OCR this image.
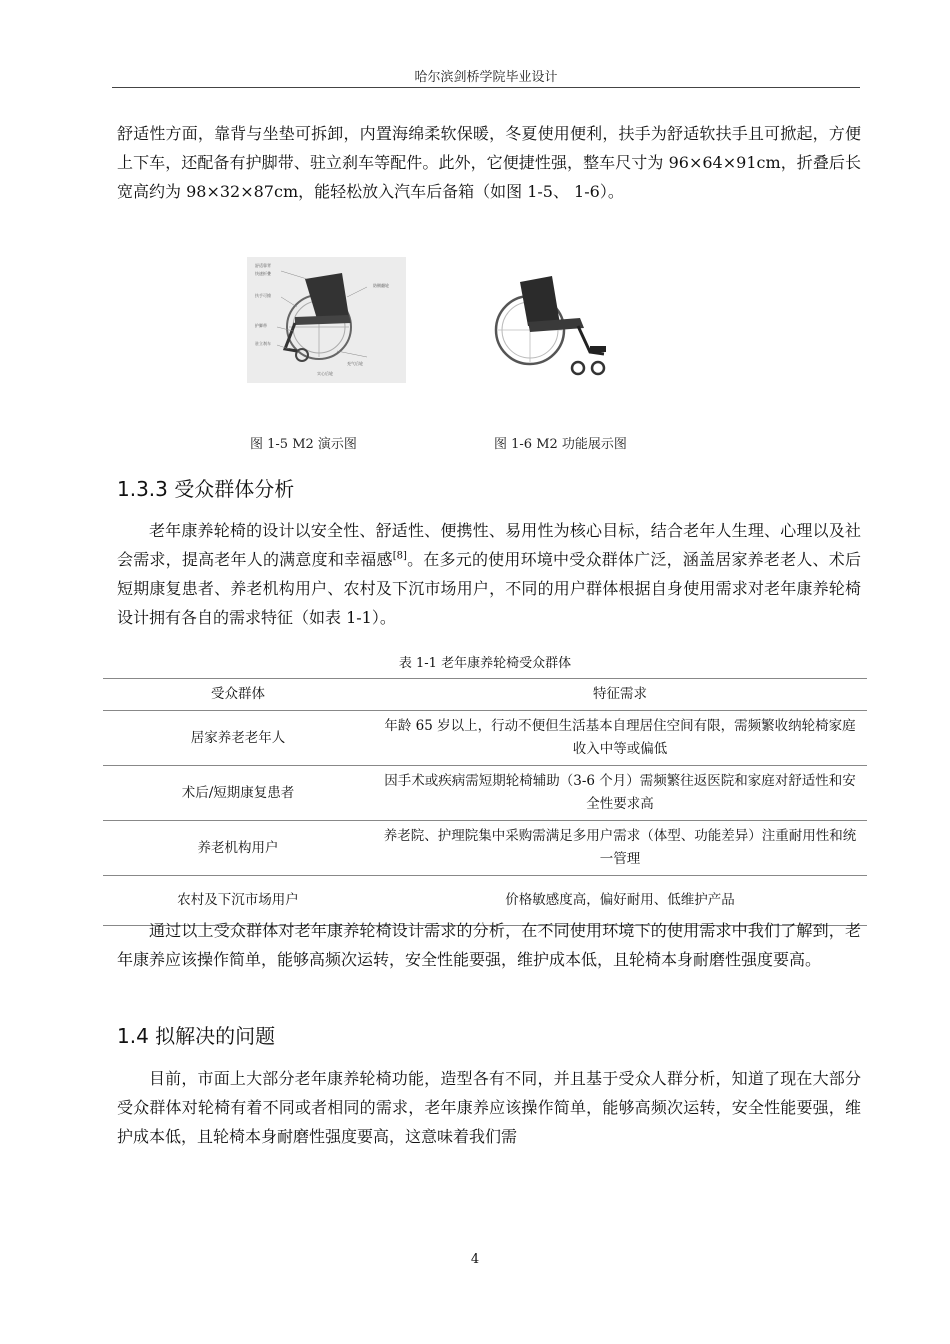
哈尔滨剑桥学院毕业设计

舒适性方面，靠背与坐垫可拆卸，内置海绵柔软保暖，冬夏使用便利，扶手为舒适软扶手且可掀起，方便上下车，还配备有护脚带、驻立刹车等配件。此外，它便捷性强，整车尺寸为 96×64×91cm，折叠后长宽高约为 98×32×87cm，能轻松放入汽车后备箱（如图 1-5、 1-6）。

舒适靠背
快速折叠
扶手可掀
防侧翻轮
护脚带
驻立刹车
充气后轮
实心后轮
图 1-5 M2 演示图	图 1-6 M2 功能展示图
1.3.3 受众群体分析

老年康养轮椅的设计以安全性、舒适性、便携性、易用性为核心目标，结合老年人生理、心理以及社会需求，提高老年人的满意度和幸福感[8]。在多元的使用环境中受众群体广泛，涵盖居家养老老人、术后短期康复患者、养老机构用户、农村及下沉市场用户，不同的用户群体根据自身使用需求对老年康养轮椅设计拥有各自的需求特征（如表 1-1）。

表 1-1 老年康养轮椅受众群体
受众群体	特征需求
居家养老老年人	年龄 65 岁以上，行动不便但生活基本自理居住空间有限，需频繁收纳轮椅家庭收入中等或偏低
术后/短期康复患者	因手术或疾病需短期轮椅辅助（3-6 个月）需频繁往返医院和家庭对舒适性和安全性要求高
养老机构用户	养老院、护理院集中采购需满足多用户需求（体型、功能差异）注重耐用性和统一管理
农村及下沉市场用户	价格敏感度高，偏好耐用、低维护产品

通过以上受众群体对老年康养轮椅设计需求的分析，在不同使用环境下的使用需求中我们了解到，老年康养应该操作简单，能够高频次运转，安全性能要强，维护成本低，且轮椅本身耐磨性强度要高。

1.4 拟解决的问题

目前，市面上大部分老年康养轮椅功能，造型各有不同，并且基于受众人群分析，知道了现在大部分受众群体对轮椅有着不同或者相同的需求，老年康养应该操作简单，能够高频次运转，安全性能要强，维护成本低，且轮椅本身耐磨性强度要高，这意味着我们需

4
